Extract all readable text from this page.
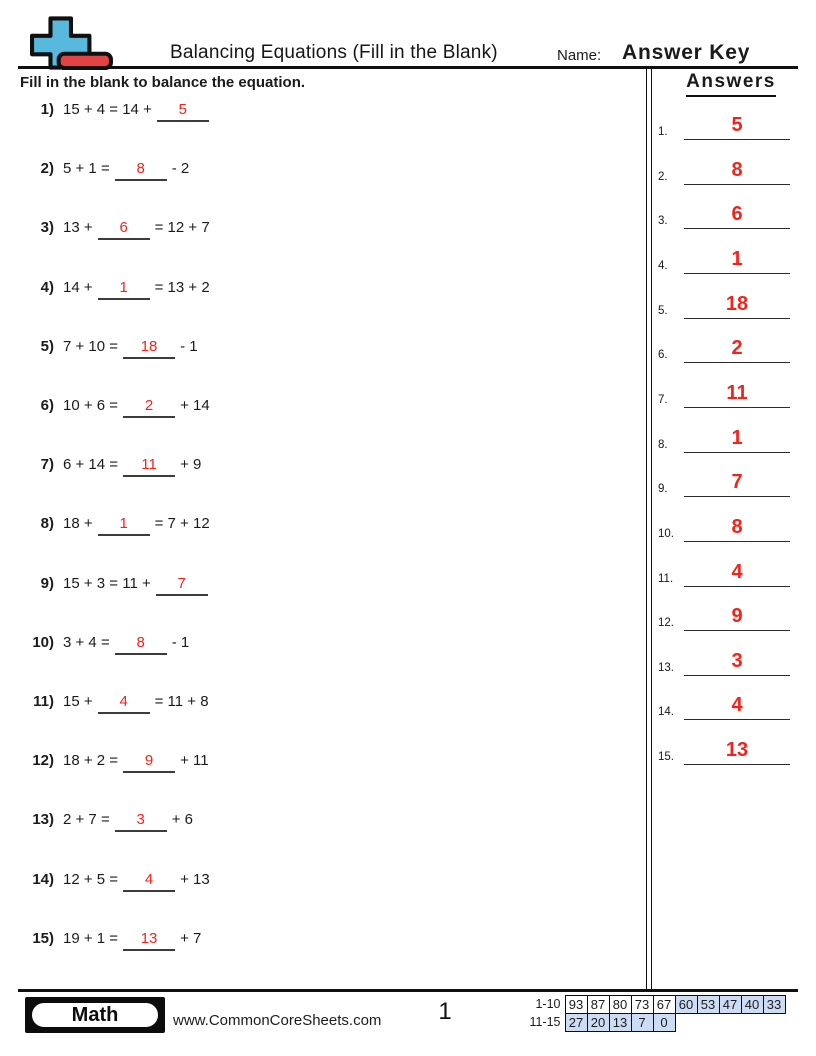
Balancing Equations (Fill in the Blank)	Name: Answer Key
Fill in the blank to balance the equation.
1) 15 + 4 = 14 + 5
2) 5 + 1 = 8 - 2
3) 13 + 6 = 12 + 7
4) 14 + 1 = 13 + 2
5) 7 + 10 = 18 - 1
6) 10 + 6 = 2 + 14
7) 6 + 14 = 11 + 9
8) 18 + 1 = 7 + 12
9) 15 + 3 = 11 + 7
10) 3 + 4 = 8 - 1
11) 15 + 4 = 11 + 8
12) 18 + 2 = 9 + 11
13) 2 + 7 = 3 + 6
14) 12 + 5 = 4 + 13
15) 19 + 1 = 13 + 7
Answers
1.	5
2.	8
3.	6
4.	1
5.	18
6.	2
7.	11
8.	1
9.	7
10.	8
11.	4
12.	9
13.	3
14.	4
15.	13
Math	www.CommonCoreSheets.com	1	1-10	93	87	80	73	67	60	53	47	40	33
11-15	27	20	13	7	0					
